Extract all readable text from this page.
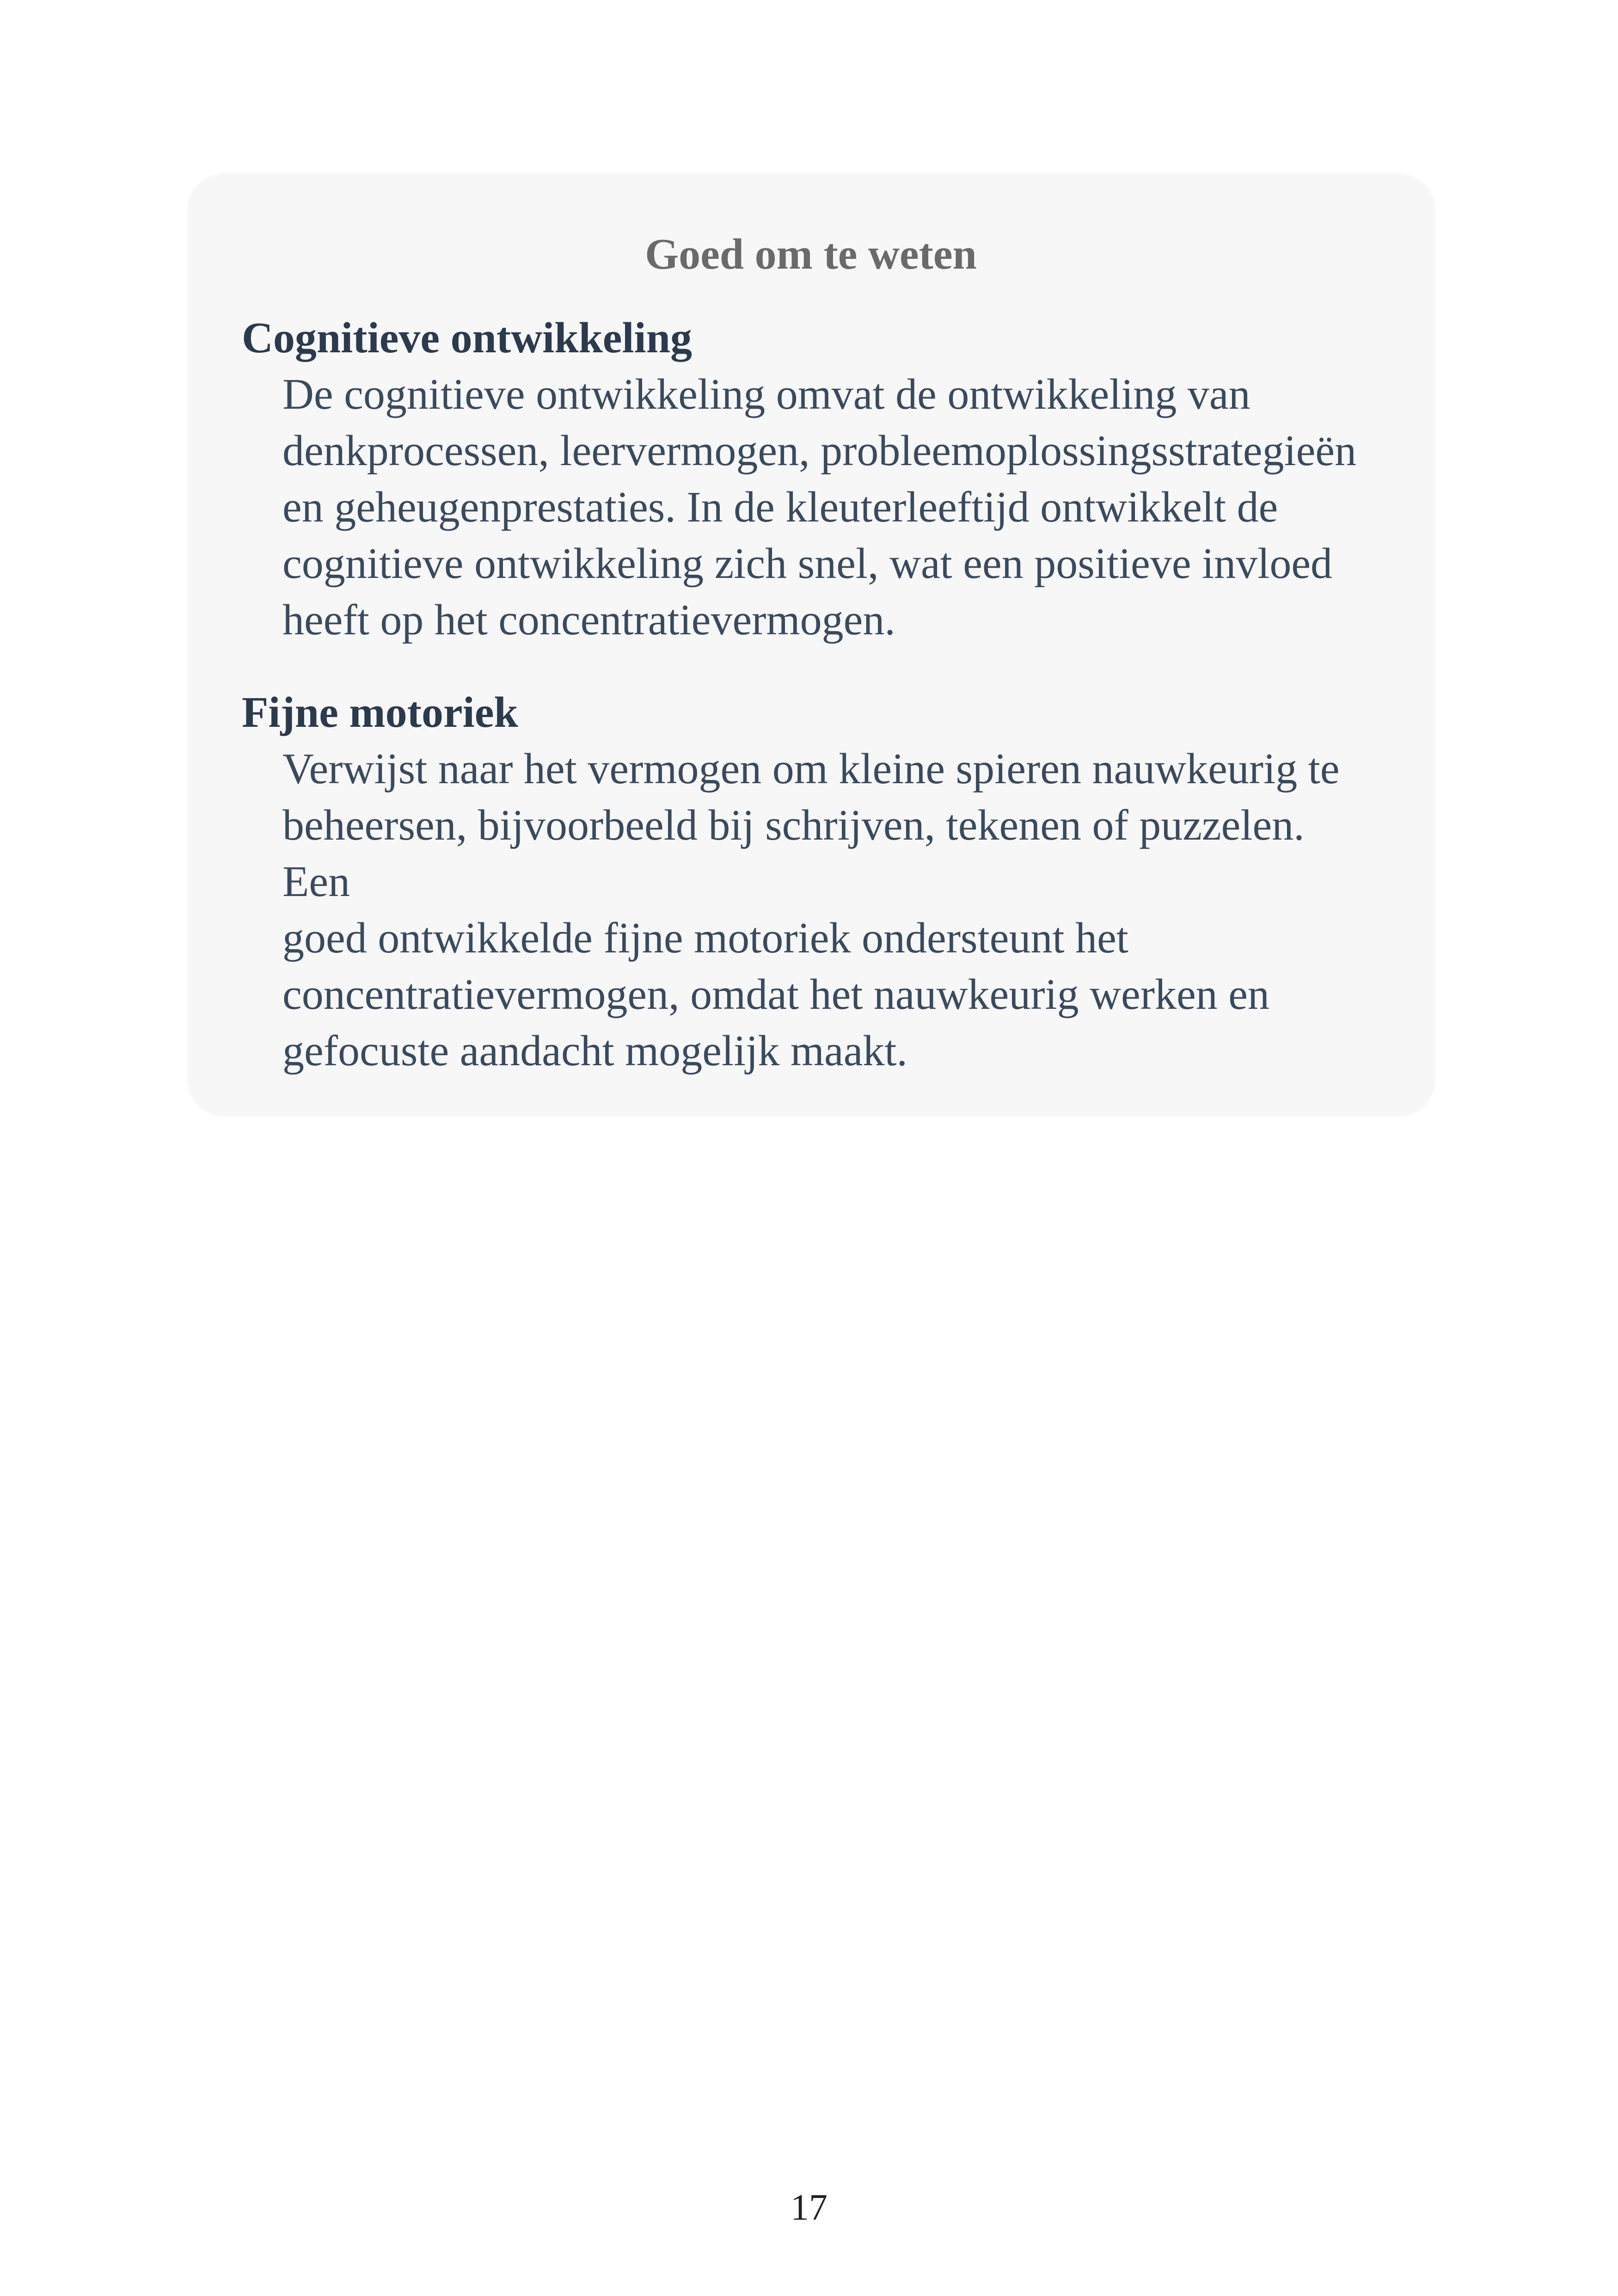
Goed om te weten
Cognitieve ontwikkeling
De cognitieve ontwikkeling omvat de ontwikkeling van
denkprocessen, leervermogen, probleemoplossingsstrategieën
en geheugenprestaties. In de kleuterleeftijd ontwikkelt de
cognitieve ontwikkeling zich snel, wat een positieve invloed
heeft op het concentratievermogen.
Fijne motoriek
Verwijst naar het vermogen om kleine spieren nauwkeurig te
beheersen, bijvoorbeeld bij schrijven, tekenen of puzzelen. Een
goed ontwikkelde fijne motoriek ondersteunt het
concentratievermogen, omdat het nauwkeurig werken en
gefocuste aandacht mogelijk maakt.
17
